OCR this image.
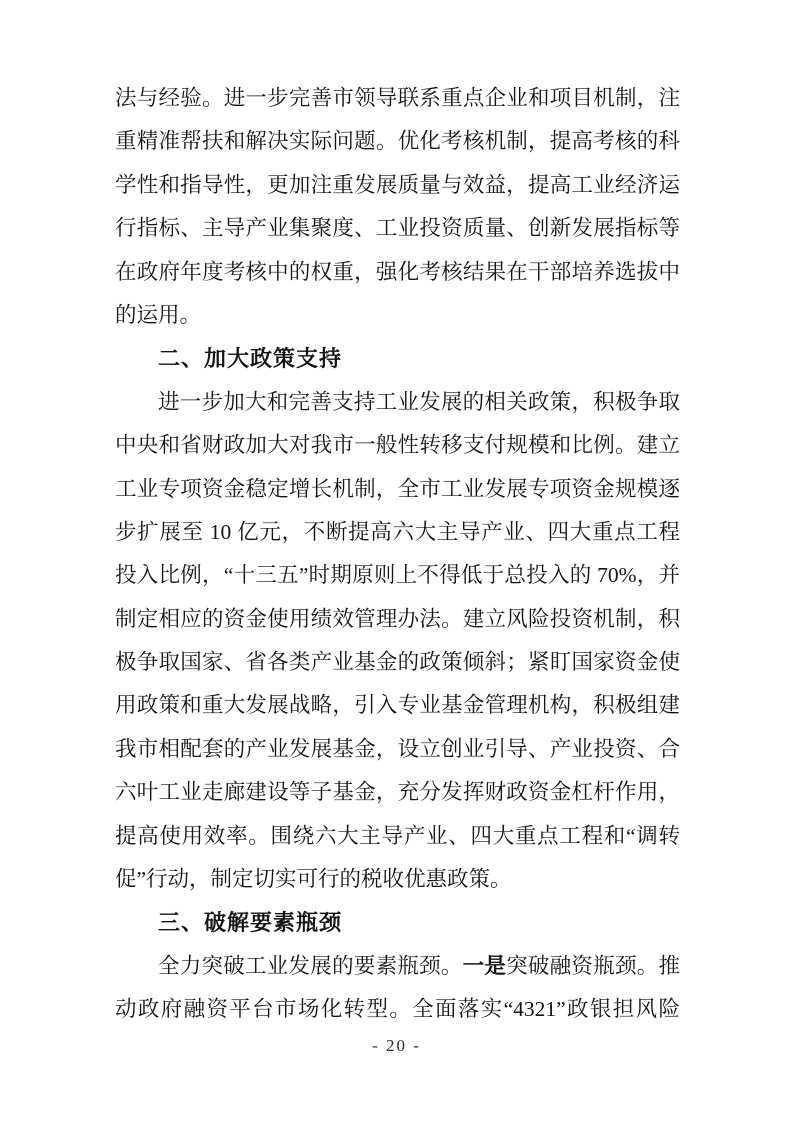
法与经验。进一步完善市领导联系重点企业和项目机制，注

重精准帮扶和解决实际问题。优化考核机制，提高考核的科

学性和指导性，更加注重发展质量与效益，提高工业经济运

行指标、主导产业集聚度、工业投资质量、创新发展指标等

在政府年度考核中的权重，强化考核结果在干部培养选拔中

的运用。

二、加大政策支持

进一步加大和完善支持工业发展的相关政策，积极争取

中央和省财政加大对我市一般性转移支付规模和比例。建立

工业专项资金稳定增长机制，全市工业发展专项资金规模逐

步扩展至 10 亿元，不断提高六大主导产业、四大重点工程

投入比例，“十三五”时期原则上不得低于总投入的 70%，并

制定相应的资金使用绩效管理办法。建立风险投资机制，积

极争取国家、省各类产业基金的政策倾斜；紧盯国家资金使

用政策和重大发展战略，引入专业基金管理机构，积极组建

我市相配套的产业发展基金，设立创业引导、产业投资、合

六叶工业走廊建设等子基金，充分发挥财政资金杠杆作用，

提高使用效率。围绕六大主导产业、四大重点工程和“调转

促”行动，制定切实可行的税收优惠政策。

三、破解要素瓶颈

全力突破工业发展的要素瓶颈。一是突破融资瓶颈。推

动政府融资平台市场化转型。全面落实“4321”政银担风险

- 20 -
